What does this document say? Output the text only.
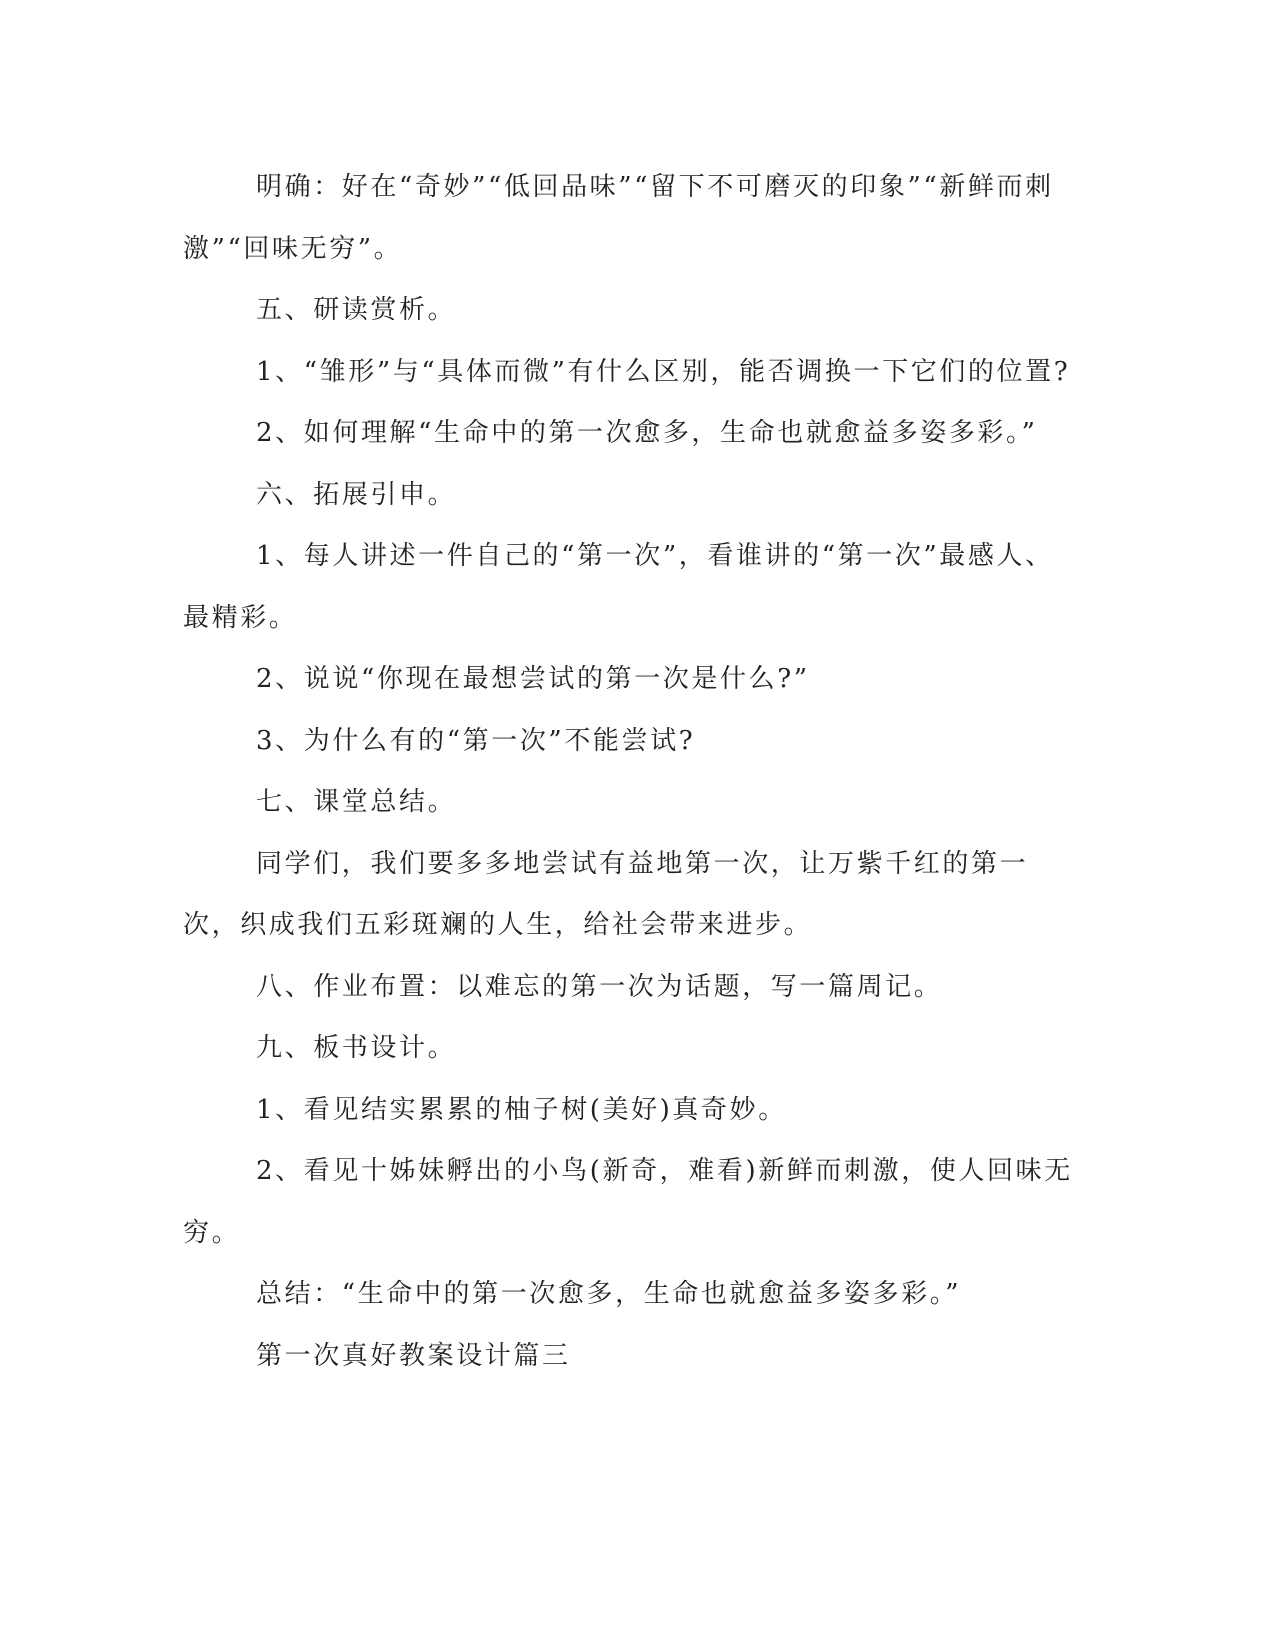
明确：好在“奇妙”“低回品味”“留下不可磨灭的印象”“新鲜而刺激”“回味无穷”。

五、研读赏析。

1、“雏形”与“具体而微”有什么区别，能否调换一下它们的位置?

2、如何理解“生命中的第一次愈多，生命也就愈益多姿多彩。”

六、拓展引申。

1、每人讲述一件自己的“第一次”，看谁讲的“第一次”最感人、最精彩。

2、说说“你现在最想尝试的第一次是什么?”

3、为什么有的“第一次”不能尝试?

七、课堂总结。

同学们，我们要多多地尝试有益地第一次，让万紫千红的第一次，织成我们五彩斑斓的人生，给社会带来进步。

八、作业布置：以难忘的第一次为话题，写一篇周记。

九、板书设计。

1、看见结实累累的柚子树(美好)真奇妙。

2、看见十姊妹孵出的小鸟(新奇，难看)新鲜而刺激，使人回味无穷。

总结：“生命中的第一次愈多，生命也就愈益多姿多彩。”

第一次真好教案设计篇三
